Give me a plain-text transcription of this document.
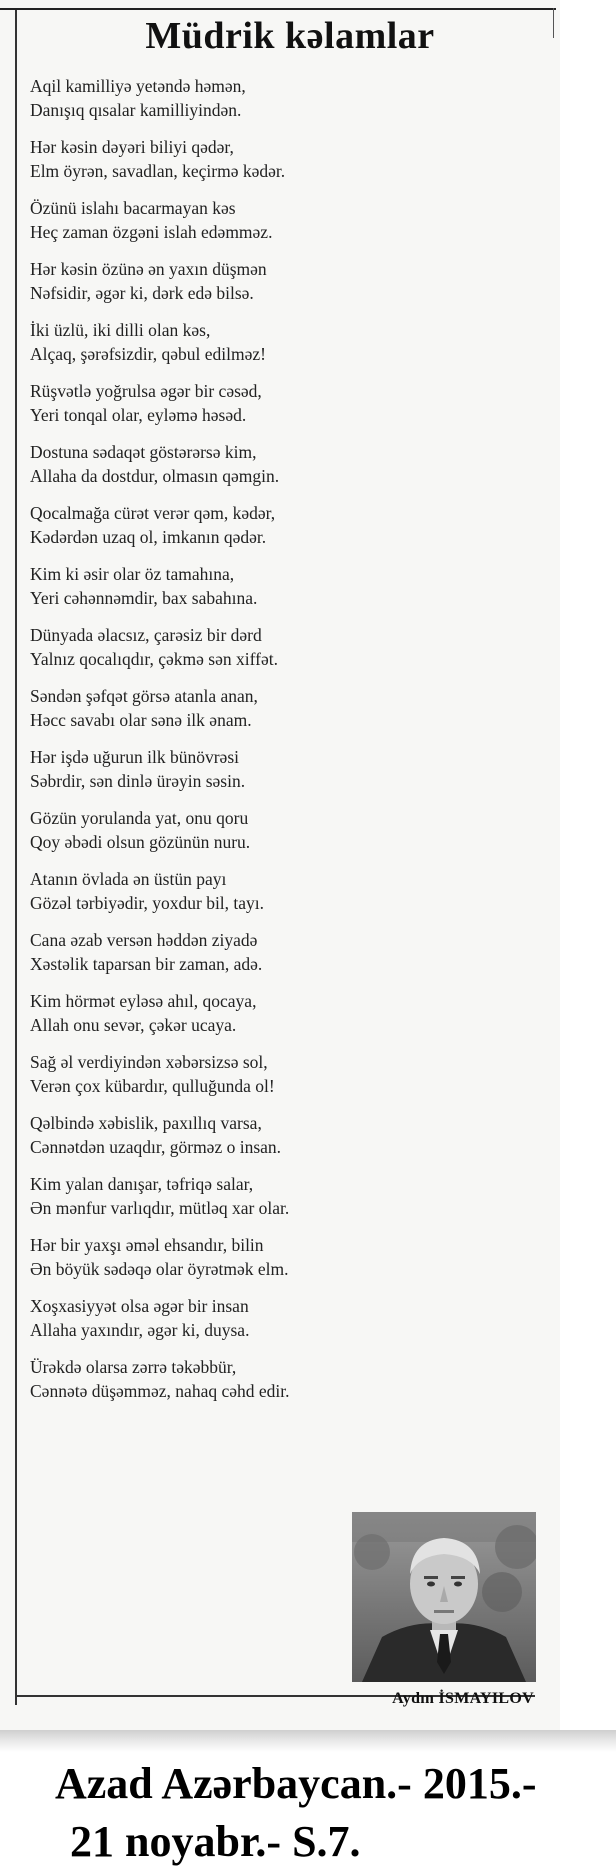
Müdrik kəlamlar
Aqil kamilliyə yetəndə həmən,
Danışıq qısalar kamilliyindən.
Hər kəsin dəyəri biliyi qədər,
Elm öyrən, savadlan, keçirmə kədər.
Özünü islahı bacarmayan kəs
Heç zaman özgəni islah edəmməz.
Hər kəsin özünə ən yaxın düşmən
Nəfsidir, əgər ki, dərk edə bilsə.
İki üzlü, iki dilli olan kəs,
Alçaq, şərəfsizdir, qəbul edilməz!
Rüşvətlə yoğrulsa əgər bir cəsəd,
Yeri tonqal olar, eyləmə həsəd.
Dostuna sədaqət göstərərsə kim,
Allaha da dostdur, olmasın qəmgin.
Qocalmağa cürət verər qəm, kədər,
Kədərdən uzaq ol, imkanın qədər.
Kim ki əsir olar öz tamahına,
Yeri cəhənnəmdir, bax sabahına.
Dünyada əlacsız, çarəsiz bir dərd
Yalnız qocalıqdır, çəkmə sən xiffət.
Səndən şəfqət görsə atanla anan,
Həcc savabı olar sənə ilk ənam.
Hər işdə uğurun ilk bünövrəsi
Səbrdir, sən dinlə ürəyin səsin.
Gözün yorulanda yat, onu qoru
Qoy əbədi olsun gözünün nuru.
Atanın övlada ən üstün payı
Gözəl tərbiyədir, yoxdur bil, tayı.
Cana əzab versən həddən ziyadə
Xəstəlik taparsan bir zaman, adə.
Kim hörmət eyləsə ahıl, qocaya,
Allah onu sevər, çəkər ucaya.
Sağ əl verdiyindən xəbərsizsə sol,
Verən çox kübardır, qulluğunda ol!
Qəlbində xəbislik, paxıllıq varsa,
Cənnətdən uzaqdır, görməz o insan.
Kim yalan danışar, təfriqə salar,
Ən mənfur varlıqdır, mütləq xar olar.
Hər bir yaxşı əməl ehsandır, bilin
Ən böyük sədəqə olar öyrətmək elm.
Xoşxasiyyət olsa əgər bir insan
Allaha yaxındır, əgər ki, duysa.
Ürəkdə olarsa zərrə təkəbbür,
Cənnətə düşəmməz, nahaq cəhd edir.
Aydın İSMAYILOV
Azad Azərbaycan.- 2015.-
21 noyabr.- S.7.
